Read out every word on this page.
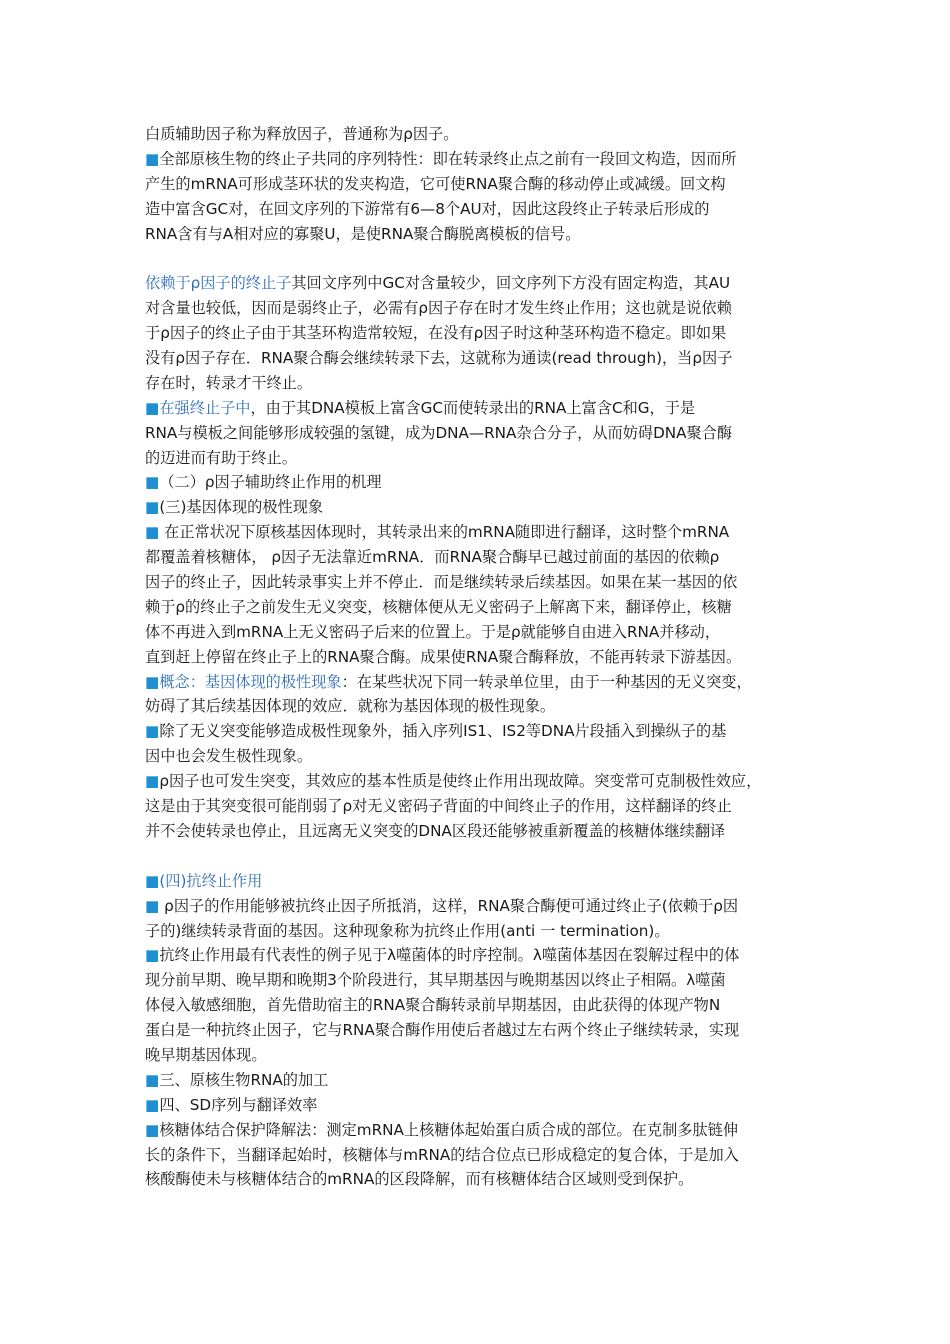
白质辅助因子称为释放因子，普通称为ρ因子。
■全部原核生物的终止子共同的序列特性：即在转录终止点之前有一段回文构造，因而所
产生的mRNA可形成茎环状的发夹构造，它可使RNA聚合酶的移动停止或减缓。回文构
造中富含GC对，在回文序列的下游常有6—8个AU对，因此这段终止子转录后形成的
RNA含有与A相对应的寡聚U，是使RNA聚合酶脱离模板的信号。
依赖于ρ因子的终止子其回文序列中GC对含量较少，回文序列下方没有固定构造，其AU
对含量也较低，因而是弱终止子，必需有ρ因子存在时才发生终止作用；这也就是说依赖
于ρ因子的终止子由于其茎环构造常较短，在没有ρ因子时这种茎环构造不稳定。即如果
没有ρ因子存在．RNA聚合酶会继续转录下去，这就称为通读(read through)，当ρ因子
存在时，转录才干终止。
■在强终止子中，由于其DNA模板上富含GC而使转录出的RNA上富含C和G，于是
RNA与模板之间能够形成较强的氢键，成为DNA—RNA杂合分子，从而妨碍DNA聚合酶
的迈进而有助于终止。
■（二）ρ因子辅助终止作用的机理
■(三)基因体现的极性现象
■ 在正常状况下原核基因体现时，其转录出来的mRNA随即进行翻译，这时整个mRNA
都覆盖着核糖体， ρ因子无法靠近mRNA．而RNA聚合酶早已越过前面的基因的依赖ρ
因子的终止子，因此转录事实上并不停止．而是继续转录后续基因。如果在某一基因的依
赖于ρ的终止子之前发生无义突变，核糖体便从无义密码子上解离下来，翻译停止，核糖
体不再进入到mRNA上无义密码子后来的位置上。于是ρ就能够自由进入RNA并移动，
直到赶上停留在终止子上的RNA聚合酶。成果使RNA聚合酶释放，不能再转录下游基因。
■概念：基因体现的极性现象：在某些状况下同一转录单位里，由于一种基因的无义突变，
妨碍了其后续基因体现的效应．就称为基因体现的极性现象。
■除了无义突变能够造成极性现象外，插入序列IS1、IS2等DNA片段插入到操纵子的基
因中也会发生极性现象。
■ρ因子也可发生突变，其效应的基本性质是使终止作用出现故障。突变常可克制极性效应，
这是由于其突变很可能削弱了ρ对无义密码子背面的中间终止子的作用，这样翻译的终止
并不会使转录也停止，且远离无义突变的DNA区段还能够被重新覆盖的核糖体继续翻译
■(四)抗终止作用
■ ρ因子的作用能够被抗终止因子所抵消，这样，RNA聚合酶便可通过终止子(依赖于ρ因
子的)继续转录背面的基因。这种现象称为抗终止作用(anti 一 termination)。
■抗终止作用最有代表性的例子见于λ噬菌体的时序控制。λ噬菌体基因在裂解过程中的体
现分前早期、晚早期和晚期3个阶段进行，其早期基因与晚期基因以终止子相隔。λ噬菌
体侵入敏感细胞，首先借助宿主的RNA聚合酶转录前早期基因，由此获得的体现产物N
蛋白是一种抗终止因子，它与RNA聚合酶作用使后者越过左右两个终止子继续转录，实现
晚早期基因体现。
■三、原核生物RNA的加工
■四、SD序列与翻译效率
■核糖体结合保护降解法：测定mRNA上核糖体起始蛋白质合成的部位。在克制多肽链伸
长的条件下，当翻译起始时，核糖体与mRNA的结合位点已形成稳定的复合体，于是加入
核酸酶使未与核糖体结合的mRNA的区段降解，而有核糖体结合区域则受到保护。
